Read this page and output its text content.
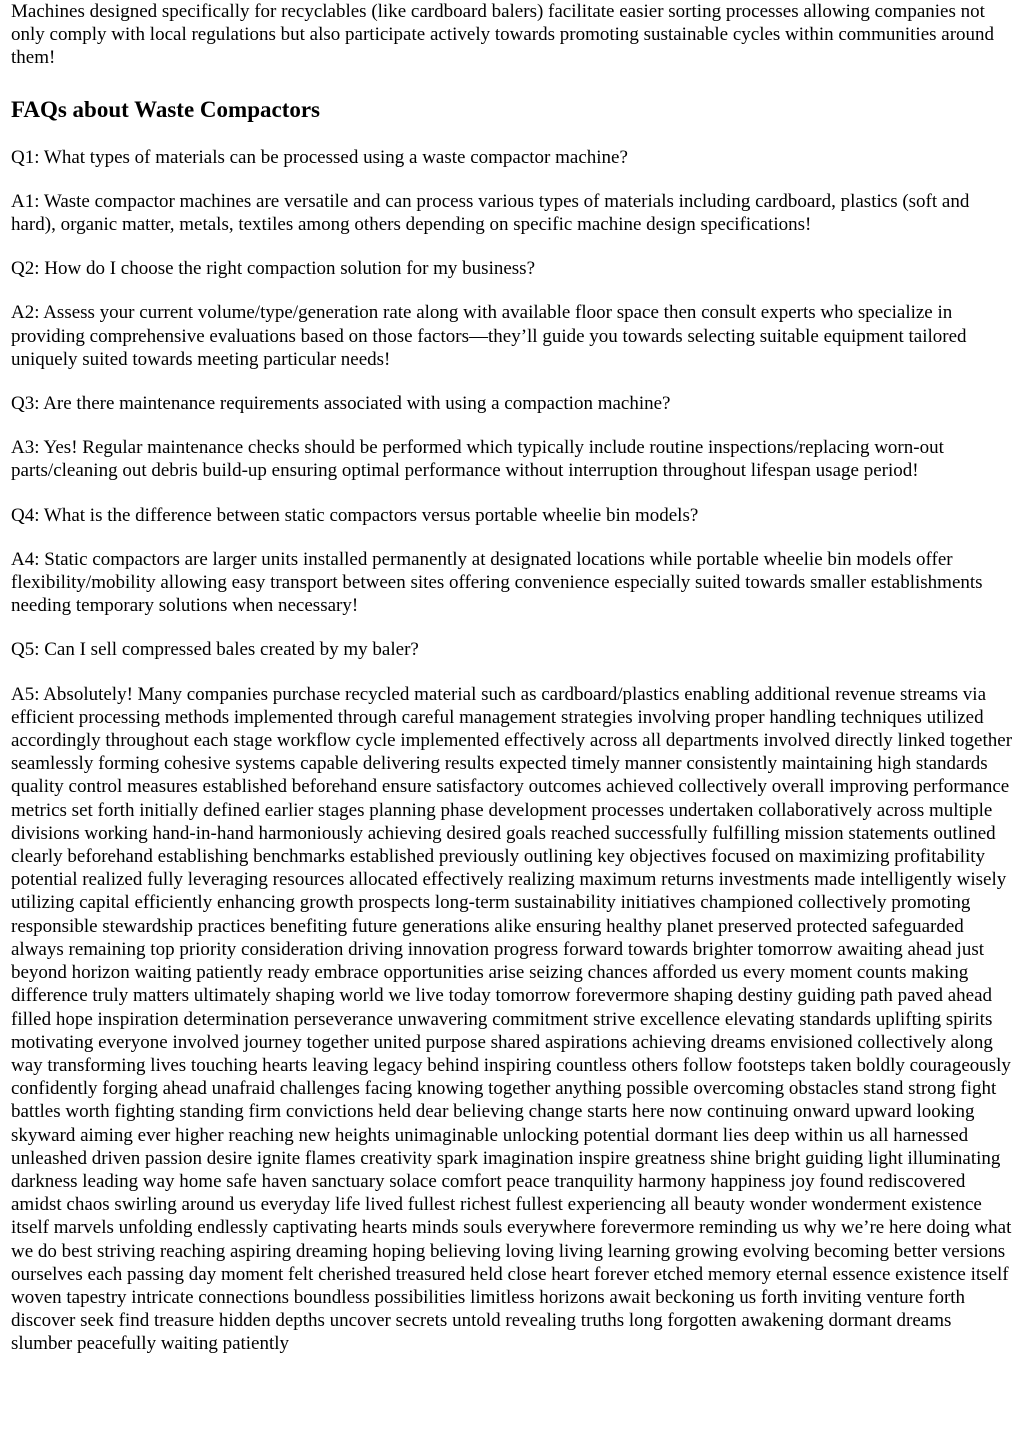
Machines designed specifically for recyclables (like cardboard balers) facilitate easier sorting processes allowing companies not only comply with local regulations but also participate actively towards promoting sustainable cycles within communities around them!

FAQs about Waste Compactors

Q1: What types of materials can be processed using a waste compactor machine?

A1: Waste compactor machines are versatile and can process various types of materials including cardboard, plastics (soft and hard), organic matter, metals, textiles among others depending on specific machine design specifications!

Q2: How do I choose the right compaction solution for my business?

A2: Assess your current volume/type/generation rate along with available floor space then consult experts who specialize in providing comprehensive evaluations based on those factors—they’ll guide you towards selecting suitable equipment tailored uniquely suited towards meeting particular needs!

Q3: Are there maintenance requirements associated with using a compaction machine?

A3: Yes! Regular maintenance checks should be performed which typically include routine inspections/replacing worn-out parts/cleaning out debris build-up ensuring optimal performance without interruption throughout lifespan usage period!

Q4: What is the difference between static compactors versus portable wheelie bin models?

A4: Static compactors are larger units installed permanently at designated locations while portable wheelie bin models offer flexibility/mobility allowing easy transport between sites offering convenience especially suited towards smaller establishments needing temporary solutions when necessary!

Q5: Can I sell compressed bales created by my baler?

A5: Absolutely! Many companies purchase recycled material such as cardboard/plastics enabling additional revenue streams via efficient processing methods implemented through careful management strategies involving proper handling techniques utilized accordingly throughout each stage workflow cycle implemented effectively across all departments involved directly linked together seamlessly forming cohesive systems capable delivering results expected timely manner consistently maintaining high standards quality control measures established beforehand ensure satisfactory outcomes achieved collectively overall improving performance metrics set forth initially defined earlier stages planning phase development processes undertaken collaboratively across multiple divisions working hand-in-hand harmoniously achieving desired goals reached successfully fulfilling mission statements outlined clearly beforehand establishing benchmarks established previously outlining key objectives focused on maximizing profitability potential realized fully leveraging resources allocated effectively realizing maximum returns investments made intelligently wisely utilizing capital efficiently enhancing growth prospects long-term sustainability initiatives championed collectively promoting responsible stewardship practices benefiting future generations alike ensuring healthy planet preserved protected safeguarded always remaining top priority consideration driving innovation progress forward towards brighter tomorrow awaiting ahead just beyond horizon waiting patiently ready embrace opportunities arise seizing chances afforded us every moment counts making difference truly matters ultimately shaping world we live today tomorrow forevermore shaping destiny guiding path paved ahead filled hope inspiration determination perseverance unwavering commitment strive excellence elevating standards uplifting spirits motivating everyone involved journey together united purpose shared aspirations achieving dreams envisioned collectively along way transforming lives touching hearts leaving legacy behind inspiring countless others follow footsteps taken boldly courageously confidently forging ahead unafraid challenges facing knowing together anything possible overcoming obstacles stand strong fight battles worth fighting standing firm convictions held dear believing change starts here now continuing onward upward looking skyward aiming ever higher reaching new heights unimaginable unlocking potential dormant lies deep within us all harnessed unleashed driven passion desire ignite flames creativity spark imagination inspire greatness shine bright guiding light illuminating darkness leading way home safe haven sanctuary solace comfort peace tranquility harmony happiness joy found rediscovered amidst chaos swirling around us everyday life lived fullest richest fullest experiencing all beauty wonder wonderment existence itself marvels unfolding endlessly captivating hearts minds souls everywhere forevermore reminding us why we’re here doing what we do best striving reaching aspiring dreaming hoping believing loving living learning growing evolving becoming better versions ourselves each passing day moment felt cherished treasured held close heart forever etched memory eternal essence existence itself woven tapestry intricate connections boundless possibilities limitless horizons await beckoning us forth inviting venture forth discover seek find treasure hidden depths uncover secrets untold revealing truths long forgotten awakening dormant dreams slumber peacefully waiting patiently
